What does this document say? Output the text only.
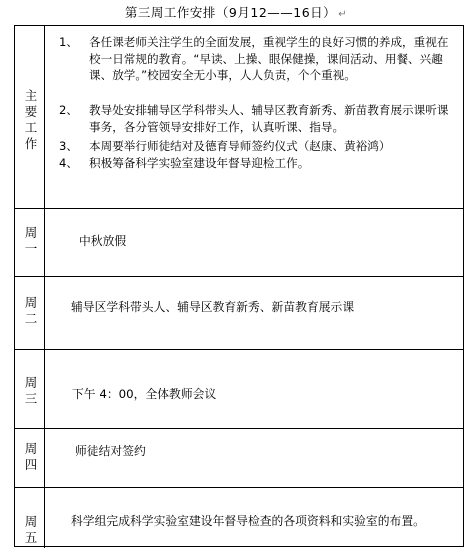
第三周工作安排（9月12——16日） ↵
主
要
工
作
1、 各任课老师关注学生的全面发展，重视学生的良好习惯的养成，重视在校一日常规的教育。“早读、上操、眼保健操，课间活动、用餐、兴趣课、放学。”校园安全无小事，人人负责，个个重视。
2、 教导处安排辅导区学科带头人、辅导区教育新秀、新苗教育展示课听课事务，各分管领导安排好工作，认真听课、指导。
3、 本周要举行师徒结对及德育导师签约仪式（赵康、黄裕鸿）
4、 积极筹备科学实验室建设年督导迎检工作。
周
一	中秋放假
周
二
辅导区学科带头人、辅导区教育新秀、新苗教育展示课
周
三	下午 4：00，全体教师会议
周
四
师徒结对签约
周
五
科学组完成科学实验室建设年督导检查的各项资料和实验室的布置。
